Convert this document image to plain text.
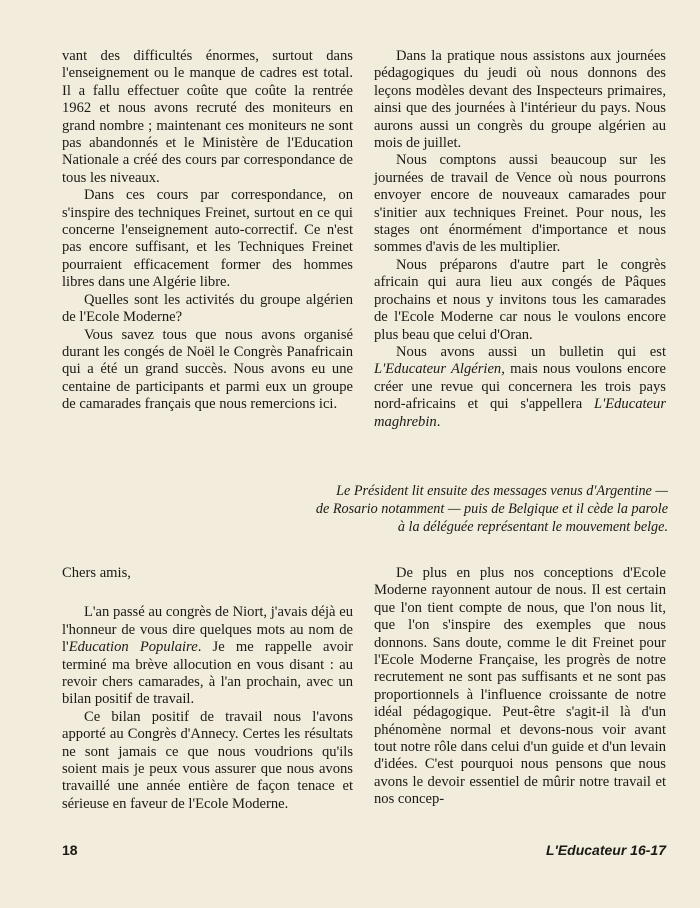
vant des difficultés énormes, surtout dans l'enseignement ou le manque de cadres est total. Il a fallu effectuer coûte que coûte la rentrée 1962 et nous avons recruté des moniteurs en grand nombre ; maintenant ces moniteurs ne sont pas abandonnés et le Ministère de l'Education Nationale a créé des cours par correspondance de tous les niveaux.

Dans ces cours par correspondance, on s'inspire des techniques Freinet, surtout en ce qui concerne l'enseignement auto-correctif. Ce n'est pas encore suffisant, et les Techniques Freinet pourraient efficacement former des hommes libres dans une Algérie libre.

Quelles sont les activités du groupe algérien de l'Ecole Moderne?

Vous savez tous que nous avons organisé durant les congés de Noël le Congrès Panafricain qui a été un grand succès. Nous avons eu une centaine de participants et parmi eux un groupe de camarades français que nous remercions ici.

Dans la pratique nous assistons aux journées pédagogiques du jeudi où nous donnons des leçons modèles devant des Inspecteurs primaires, ainsi que des journées à l'intérieur du pays. Nous aurons aussi un congrès du groupe algérien au mois de juillet.

Nous comptons aussi beaucoup sur les journées de travail de Vence où nous pourrons envoyer encore de nouveaux camarades pour s'initier aux techniques Freinet. Pour nous, les stages ont énormément d'importance et nous sommes d'avis de les multiplier.

Nous préparons d'autre part le congrès africain qui aura lieu aux congés de Pâques prochains et nous y invitons tous les camarades de l'Ecole Moderne car nous le voulons encore plus beau que celui d'Oran.

Nous avons aussi un bulletin qui est L'Educateur Algérien, mais nous voulons encore créer une revue qui concernera les trois pays nord-africains et qui s'appellera L'Educateur maghrebin.

Le Président lit ensuite des messages venus d'Argentine —
de Rosario notamment — puis de Belgique et il cède la parole
à la déléguée représentant le mouvement belge.

Chers amis,

L'an passé au congrès de Niort, j'avais déjà eu l'honneur de vous dire quelques mots au nom de l'Education Populaire. Je me rappelle avoir terminé ma brève allocution en vous disant : au revoir chers camarades, à l'an prochain, avec un bilan positif de travail.

Ce bilan positif de travail nous l'avons apporté au Congrès d'Annecy. Certes les résultats ne sont jamais ce que nous voudrions qu'ils soient mais je peux vous assurer que nous avons travaillé une année entière de façon tenace et sérieuse en faveur de l'Ecole Moderne.

De plus en plus nos conceptions d'Ecole Moderne rayonnent autour de nous. Il est certain que l'on tient compte de nous, que l'on nous lit, que l'on s'inspire des exemples que nous donnons. Sans doute, comme le dit Freinet pour l'Ecole Moderne Française, les progrès de notre recrutement ne sont pas suffisants et ne sont pas proportionnels à l'influence croissante de notre idéal pédagogique. Peut-être s'agit-il là d'un phénomène normal et devons-nous voir avant tout notre rôle dans celui d'un guide et d'un levain d'idées. C'est pourquoi nous pensons que nous avons le devoir essentiel de mûrir notre travail et nos concep-

18	L'Educateur 16-17
